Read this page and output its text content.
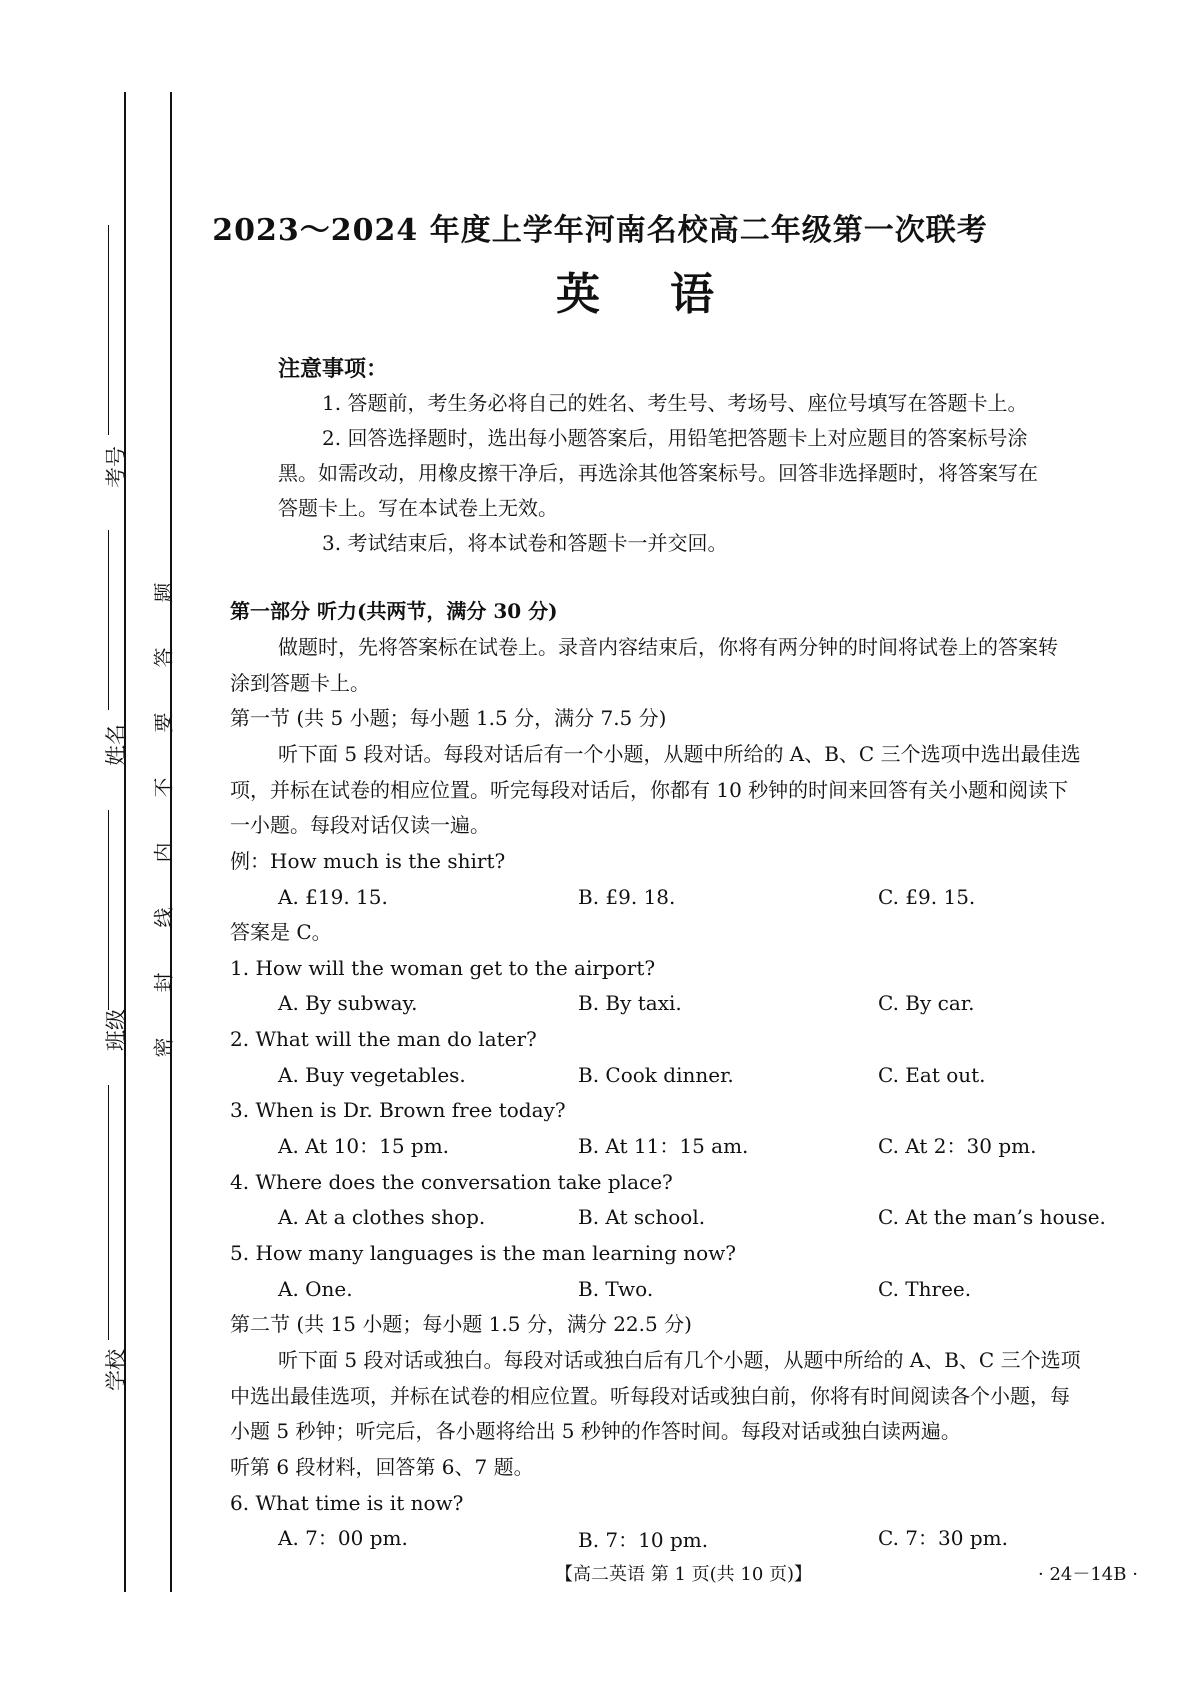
考号
姓名
班级
学校
密
封
线
内
不
要
答
题
2023～2024 年度上学年河南名校高二年级第一次联考
英语
注意事项：
1. 答题前，考生务必将自己的姓名、考生号、考场号、座位号填写在答题卡上。
2. 回答选择题时，选出每小题答案后，用铅笔把答题卡上对应题目的答案标号涂
黑。如需改动，用橡皮擦干净后，再选涂其他答案标号。回答非选择题时，将答案写在
答题卡上。写在本试卷上无效。
3. 考试结束后，将本试卷和答题卡一并交回。
第一部分 听力(共两节，满分 30 分)
做题时，先将答案标在试卷上。录音内容结束后，你将有两分钟的时间将试卷上的答案转
涂到答题卡上。
第一节 (共 5 小题；每小题 1.5 分，满分 7.5 分)
听下面 5 段对话。每段对话后有一个小题，从题中所给的 A、B、C 三个选项中选出最佳选
项，并标在试卷的相应位置。听完每段对话后，你都有 10 秒钟的时间来回答有关小题和阅读下
一小题。每段对话仅读一遍。
例：How much is the shirt?
A. £19. 15.	B. £9. 18.	C. £9. 15.
答案是 C。
1. How will the woman get to the airport?
A. By subway.	B. By taxi.	C. By car.
2. What will the man do later?
A. Buy vegetables.	B. Cook dinner.	C. Eat out.
3. When is Dr. Brown free today?
A. At 10：15 pm.	B. At 11：15 am.	C. At 2：30 pm.
4. Where does the conversation take place?
A. At a clothes shop.	B. At school.	C. At the man’s house.
5. How many languages is the man learning now?
A. One.	B. Two.	C. Three.
第二节 (共 15 小题；每小题 1.5 分，满分 22.5 分)
听下面 5 段对话或独白。每段对话或独白后有几个小题，从题中所给的 A、B、C 三个选项
中选出最佳选项，并标在试卷的相应位置。听每段对话或独白前，你将有时间阅读各个小题，每
小题 5 秒钟；听完后，各小题将给出 5 秒钟的作答时间。每段对话或独白读两遍。
听第 6 段材料，回答第 6、7 题。
6. What time is it now?
A. 7：00 pm.	B. 7：10 pm.	C. 7：30 pm.
【高二英语 第 1 页(共 10 页)】	· 24－14B ·
